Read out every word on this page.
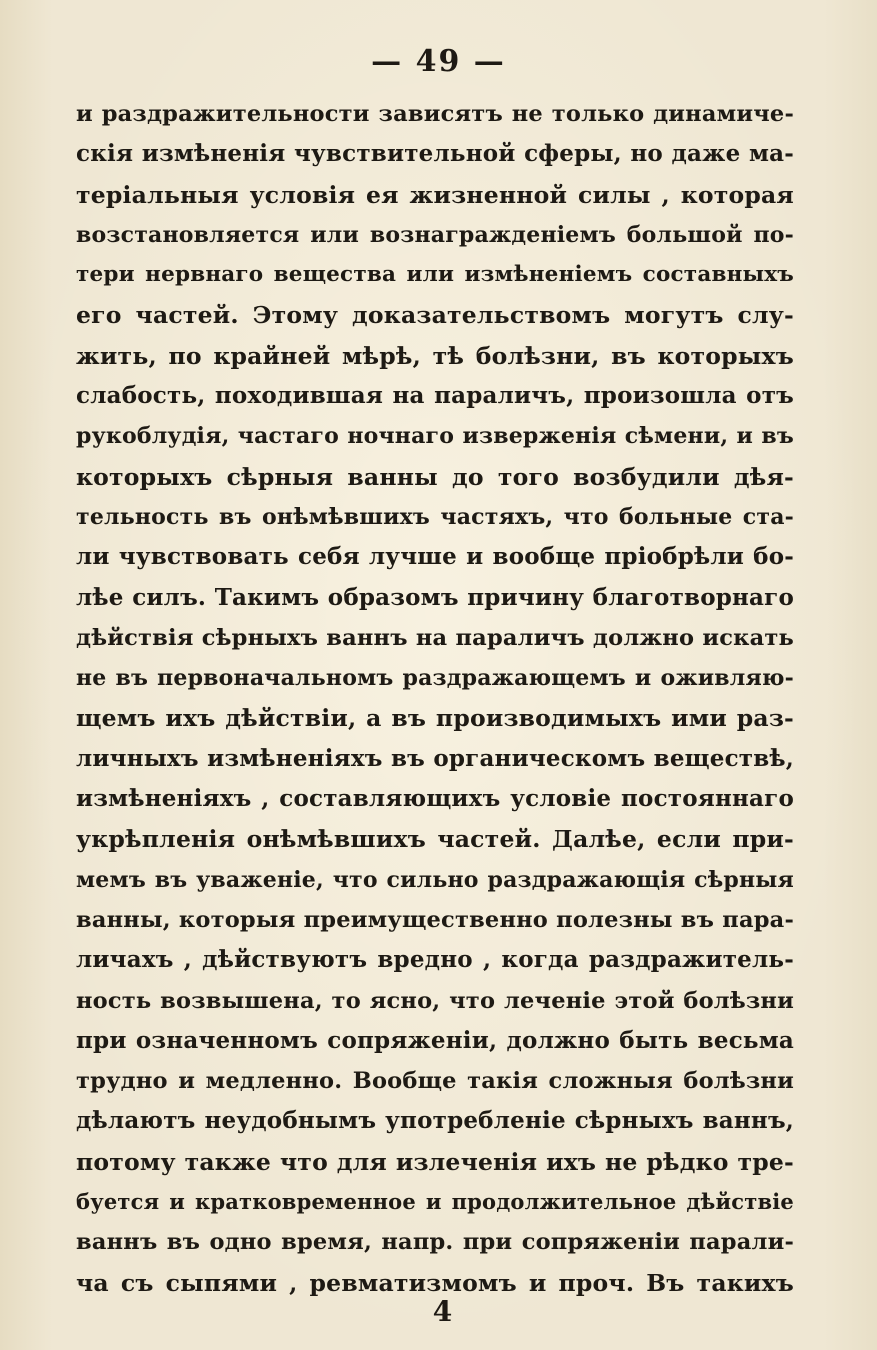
— 49 —
и раздражительности зависятъ не только динамиче-
скія измѣненія чувствительной сферы, но даже ма-
теріальныя условія ея жизненной силы , которая
возстановляется или вознагражденіемъ большой по-
тери нервнаго вещества или измѣненіемъ составныхъ
его частей. Этому доказательствомъ могутъ слу-
жить, по крайней мѣрѣ, тѣ болѣзни, въ которыхъ
слабость, походившая на параличъ, произошла отъ
рукоблудія, частаго ночнаго изверженія сѣмени, и въ
которыхъ сѣрныя ванны до того возбудили дѣя-
тельность въ онѣмѣвшихъ частяхъ, что больные ста-
ли чувствовать себя лучше и вообще пріобрѣли бо-
лѣе силъ. Такимъ образомъ причину благотворнаго
дѣйствія сѣрныхъ ваннъ на параличъ должно искать
не въ первоначальномъ раздражающемъ и оживляю-
щемъ ихъ дѣйствіи, а въ производимыхъ ими раз-
личныхъ измѣненіяхъ въ органическомъ веществѣ,
измѣненіяхъ , составляющихъ условіе постояннаго
укрѣпленія онѣмѣвшихъ частей. Далѣе, если при-
мемъ въ уваженіе, что сильно раздражающія сѣрныя
ванны, которыя преимущественно полезны въ пара-
личахъ , дѣйствуютъ вредно , когда раздражитель-
ность возвышена, то ясно, что леченіе этой болѣзни
при означенномъ сопряженіи, должно быть весьма
трудно и медленно. Вообще такія сложныя болѣзни
дѣлаютъ неудобнымъ употребленіе сѣрныхъ ваннъ,
потому также что для излеченія ихъ не рѣдко тре-
буется и кратковременное и продолжительное дѣйствіе
ваннъ въ одно время, напр. при сопряженіи парали-
ча съ сыпями , ревматизмомъ и проч. Въ такихъ
4
